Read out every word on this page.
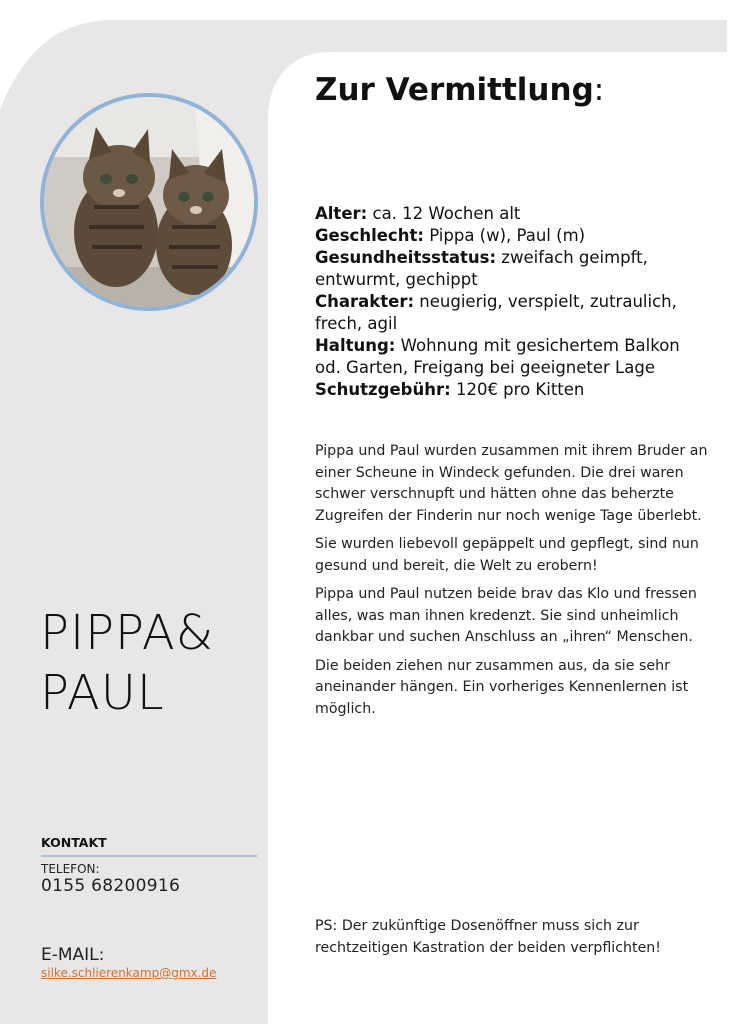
PIPPA&
PAUL
KONTAKT
TELEFON:
0155 68200916
E-MAIL:
silke.schlierenkamp@gmx.de
Zur Vermittlung:
Alter: ca. 12 Wochen alt
Geschlecht: Pippa (w), Paul (m)
Gesundheitsstatus: zweifach geimpft, entwurmt, gechippt
Charakter: neugierig, verspielt, zutraulich, frech, agil
Haltung: Wohnung mit gesichertem Balkon od. Garten, Freigang bei geeigneter Lage
Schutzgebühr: 120€ pro Kitten

Pippa und Paul wurden zusammen mit ihrem Bruder an einer Scheune in Windeck gefunden. Die drei waren schwer verschnupft und hätten ohne das beherzte Zugreifen der Finderin nur noch wenige Tage überlebt.

Sie wurden liebevoll gepäppelt und gepflegt, sind nun gesund und bereit, die Welt zu erobern!

Pippa und Paul nutzen beide brav das Klo und fressen alles, was man ihnen kredenzt. Sie sind unheimlich dankbar und suchen Anschluss an „ihren“ Menschen.

Die beiden ziehen nur zusammen aus, da sie sehr aneinander hängen. Ein vorheriges Kennenlernen ist möglich.

PS: Der zukünftige Dosenöffner muss sich zur rechtzeitigen Kastration der beiden verpflichten!
